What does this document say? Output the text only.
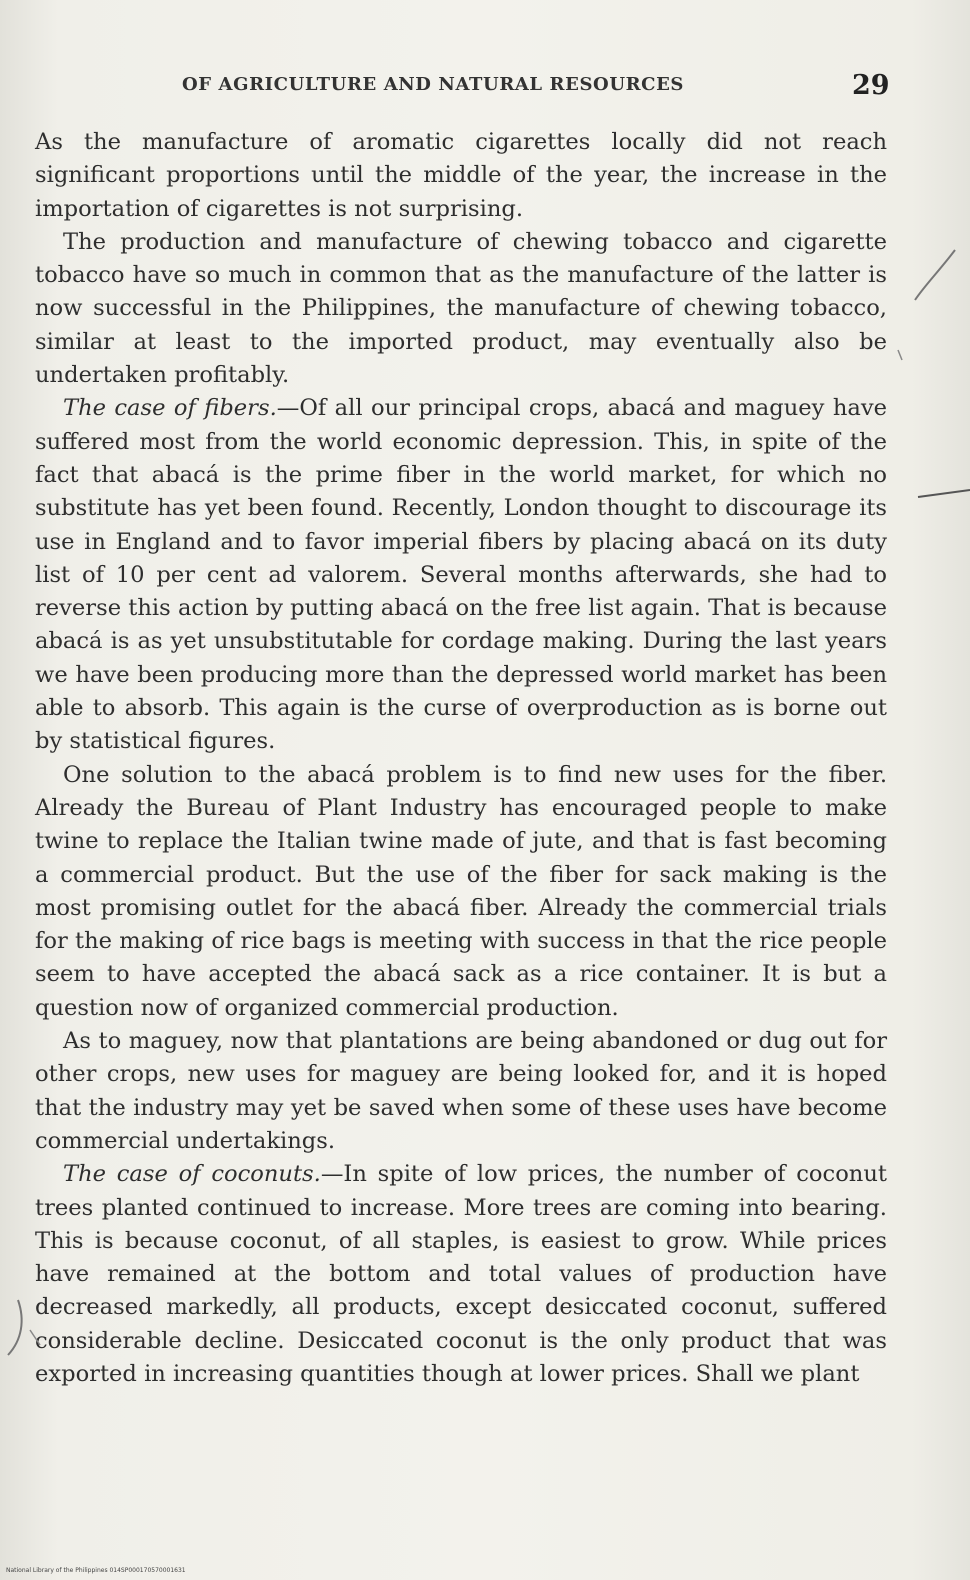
OF AGRICULTURE AND NATURAL RESOURCES	29

As the manufacture of aromatic cigarettes locally did not reach significant proportions until the middle of the year, the increase in the importation of cigarettes is not surprising.

The production and manufacture of chewing tobacco and cigarette tobacco have so much in common that as the manufacture of the latter is now successful in the Philippines, the manufacture of chewing tobacco, similar at least to the imported product, may eventually also be undertaken profitably.

The case of fibers.—Of all our principal crops, abacá and maguey have suffered most from the world economic depression. This, in spite of the fact that abacá is the prime fiber in the world market, for which no substitute has yet been found. Recently, London thought to discourage its use in England and to favor imperial fibers by placing abacá on its duty list of 10 per cent ad valorem. Several months afterwards, she had to reverse this action by putting abacá on the free list again. That is because abacá is as yet unsubstitutable for cordage making. During the last years we have been producing more than the depressed world market has been able to absorb. This again is the curse of overproduction as is borne out by statistical figures.

One solution to the abacá problem is to find new uses for the fiber. Already the Bureau of Plant Industry has encouraged people to make twine to replace the Italian twine made of jute, and that is fast becoming a commercial product. But the use of the fiber for sack making is the most promising outlet for the abacá fiber. Already the commercial trials for the making of rice bags is meeting with success in that the rice people seem to have accepted the abacá sack as a rice container. It is but a question now of organized commercial production.

As to maguey, now that plantations are being abandoned or dug out for other crops, new uses for maguey are being looked for, and it is hoped that the industry may yet be saved when some of these uses have become commercial undertakings.

The case of coconuts.—In spite of low prices, the number of coconut trees planted continued to increase. More trees are coming into bearing. This is because coconut, of all staples, is easiest to grow. While prices have remained at the bottom and total values of production have decreased markedly, all products, except desiccated coconut, suffered considerable decline. Desiccated coconut is the only product that was exported in increasing quantities though at lower prices. Shall we plant

National Library of the Philippines 014SP000170570001631
